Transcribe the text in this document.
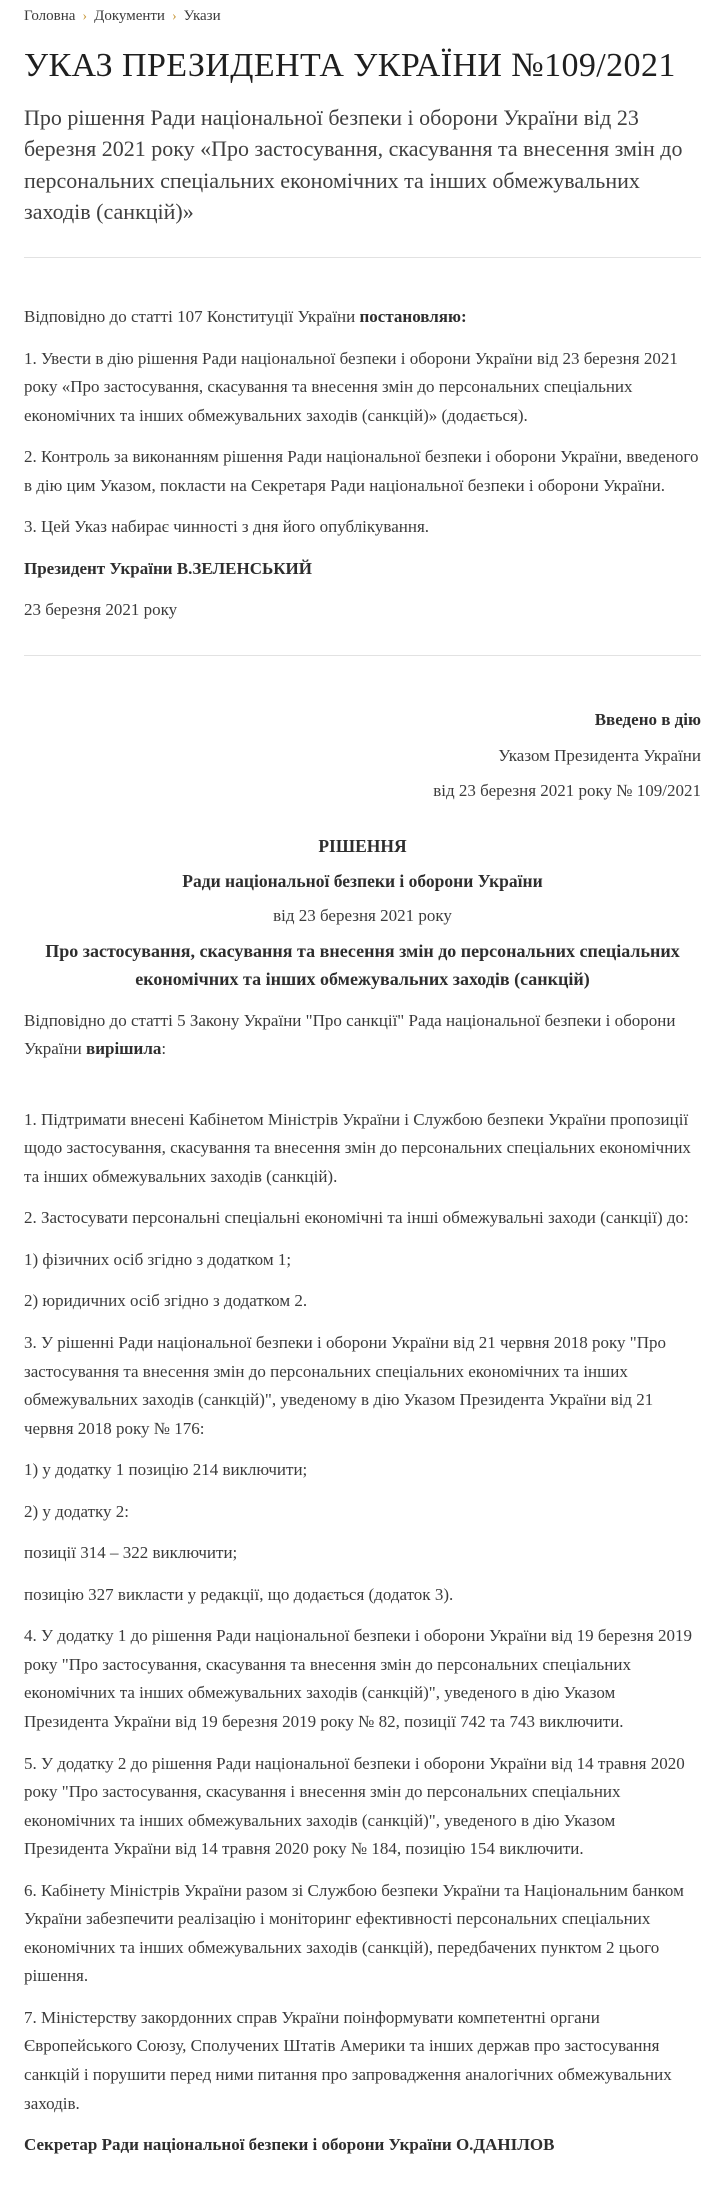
Головна › Документи › Укази
УКАЗ ПРЕЗИДЕНТА УКРАЇНИ №109/2021
Про рішення Ради національної безпеки і оборони України від 23 березня 2021 року «Про застосування, скасування та внесення змін до персональних спеціальних економічних та інших обмежувальних заходів (санкцій)»

Відповідно до статті 107 Конституції України постановляю:

1. Увести в дію рішення Ради національної безпеки і оборони України від 23 березня 2021 року «Про застосування, скасування та внесення змін до персональних спеціальних економічних та інших обмежувальних заходів (санкцій)» (додається).

2. Контроль за виконанням рішення Ради національної безпеки і оборони України, введеного в дію цим Указом, покласти на Секретаря Ради національної безпеки і оборони України.

3. Цей Указ набирає чинності з дня його опублікування.

Президент України В.ЗЕЛЕНСЬКИЙ

23 березня 2021 року

Введено в дію

Указом Президента України

від 23 березня 2021 року № 109/2021

РІШЕННЯ

Ради національної безпеки і оборони України

від 23 березня 2021 року

Про застосування, скасування та внесення змін до персональних спеціальних економічних та інших обмежувальних заходів (санкцій)

Відповідно до статті 5 Закону України "Про санкції" Рада національної безпеки і оборони України вирішила:

1. Підтримати внесені Кабінетом Міністрів України і Службою безпеки України пропозиції щодо застосування, скасування та внесення змін до персональних спеціальних економічних та інших обмежувальних заходів (санкцій).

2. Застосувати персональні спеціальні економічні та інші обмежувальні заходи (санкції) до:

1) фізичних осіб згідно з додатком 1;

2) юридичних осіб згідно з додатком 2.

3. У рішенні Ради національної безпеки і оборони України від 21 червня 2018 року "Про застосування та внесення змін до персональних спеціальних економічних та інших обмежувальних заходів (санкцій)", уведеному в дію Указом Президента України від 21 червня 2018 року № 176:

1) у додатку 1 позицію 214 виключити;

2) у додатку 2:

позиції 314 – 322 виключити;

позицію 327 викласти у редакції, що додається (додаток 3).

4. У додатку 1 до рішення Ради національної безпеки і оборони України від 19 березня 2019 року "Про застосування, скасування та внесення змін до персональних спеціальних економічних та інших обмежувальних заходів (санкцій)", уведеного в дію Указом Президента України від 19 березня 2019 року № 82, позиції 742 та 743 виключити.

5. У додатку 2 до рішення Ради національної безпеки і оборони України від 14 травня 2020 року "Про застосування, скасування і внесення змін до персональних спеціальних економічних та інших обмежувальних заходів (санкцій)", уведеного в дію Указом Президента України від 14 травня 2020 року № 184, позицію 154 виключити.

6. Кабінету Міністрів України разом зі Службою безпеки України та Національним банком України забезпечити реалізацію і моніторинг ефективності персональних спеціальних економічних та інших обмежувальних заходів (санкцій), передбачених пунктом 2 цього рішення.

7. Міністерству закордонних справ України поінформувати компетентні органи Європейського Союзу, Сполучених Штатів Америки та інших держав про застосування санкцій і порушити перед ними питання про запровадження аналогічних обмежувальних заходів.

Секретар Ради національної безпеки і оборони України О.ДАНІЛОВ
